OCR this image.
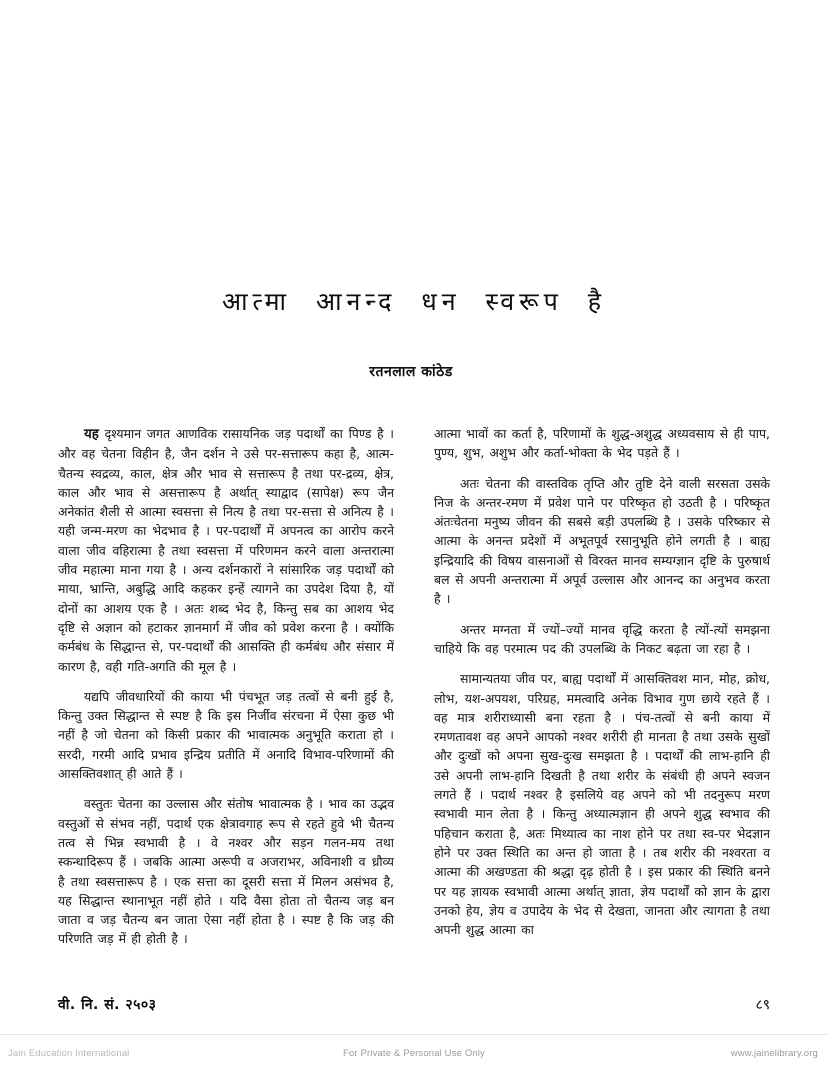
आत्मा आनन्द धन स्वरूप है
रतनलाल कांठेड

यह दृश्यमान जगत आणविक रासायनिक जड़ पदार्थों का पिण्ड है । और वह चेतना विहीन है, जैन दर्शन ने उसे पर-सत्तारूप कहा है, आत्म-चैतन्य स्वद्रव्य, काल, क्षेत्र और भाव से सत्तारूप है तथा पर-द्रव्य, क्षेत्र, काल और भाव से असत्तारूप है अर्थात् स्याद्वाद (सापेक्ष) रूप जैन अनेकांत शैली से आत्मा स्वसत्ता से नित्य है तथा पर-सत्ता से अनित्य है । यही जन्म-मरण का भेदभाव है । पर-पदार्थों में अपनत्व का आरोप करने वाला जीव वहिरात्मा है तथा स्वसत्ता में परिणमन करने वाला अन्तरात्मा जीव महात्मा माना गया है । अन्य दर्शनकारों ने सांसारिक जड़ पदार्थों को माया, भ्रान्ति, अबुद्धि आदि कहकर इन्हें त्यागने का उपदेश दिया है, यों दोनों का आशय एक है । अतः शब्द भेद है, किन्तु सब का आशय भेद दृष्टि से अज्ञान को हटाकर ज्ञानमार्ग में जीव को प्रवेश करना है । क्योंकि कर्मबंध के सिद्धान्त से, पर-पदार्थों की आसक्ति ही कर्मबंध और संसार में कारण है, वही गति-अगति की मूल है ।

यद्यपि जीवधारियों की काया भी पंचभूत जड़ तत्वों से बनी हुई है, किन्तु उक्त सिद्धान्त से स्पष्ट है कि इस निर्जीव संरचना में ऐसा कुछ भी नहीं है जो चेतना को किसी प्रकार की भावात्मक अनुभूति कराता हो । सरदी, गरमी आदि प्रभाव इन्द्रिय प्रतीति में अनादि विभाव-परिणामों की आसक्तिवशात् ही आते हैं ।

वस्तुतः चेतना का उल्लास और संतोष भावात्मक है । भाव का उद्भव वस्तुओं से संभव नहीं, पदार्थ एक क्षेत्रावगाह रूप से रहते हुवे भी चैतन्य तत्व से भिन्न स्वभावी है । वे नश्वर और सड़न गलन-मय तथा स्कन्धादिरूप हैं । जबकि आत्मा अरूपी व अजराभर, अविनाशी व ध्रौव्य है तथा स्वसत्तारूप है । एक सत्ता का दूसरी सत्ता में मिलन असंभव है, यह सिद्धान्त स्थानाभूत नहीं होते । यदि वैसा होता तो चैतन्य जड़ बन जाता व जड़ चैतन्य बन जाता ऐसा नहीं होता है । स्पष्ट है कि जड़ की परिणति जड़ में ही होती है ।

आत्मा भावों का कर्ता है, परिणामों के शुद्ध-अशुद्ध अध्यवसाय से ही पाप, पुण्य, शुभ, अशुभ और कर्ता-भोक्ता के भेद पड़ते हैं ।

अतः चेतना की वास्तविक तृप्ति और तुष्टि देने वाली सरसता उसके निज के अन्तर-रमण में प्रवेश पाने पर परिष्कृत हो उठती है । परिष्कृत अंतःचेतना मनुष्य जीवन की सबसे बड़ी उपलब्धि है । उसके परिष्कार से आत्मा के अनन्त प्रदेशों में अभूतपूर्व रसानुभूति होने लगती है । बाह्य इन्द्रियादि की विषय वासनाओं से विरक्त मानव सम्यग्ज्ञान दृष्टि के पुरुषार्थ बल से अपनी अन्तरात्मा में अपूर्व उल्लास और आनन्द का अनुभव करता है ।

अन्तर मग्नता में ज्यों–ज्यों मानव वृद्धि करता है त्यों-त्यों समझना चाहिये कि वह परमात्म पद की उपलब्धि के निकट बढ़ता जा रहा है ।

सामान्यतया जीव पर, बाह्य पदार्थों में आसक्तिवश मान, मोह, क्रोध, लोभ, यश-अपयश, परिग्रह, ममत्वादि अनेक विभाव गुण छाये रहते हैं । वह मात्र शरीराध्यासी बना रहता है । पंच-तत्वों से बनी काया में रमणतावश वह अपने आपको नश्वर शरीरी ही मानता है तथा उसके सुखों और दुःखों को अपना सुख-दुःख समझता है । पदार्थों की लाभ-हानि ही उसे अपनी लाभ-हानि दिखती है तथा शरीर के संबंधी ही अपने स्वजन लगते हैं । पदार्थ नश्वर है इसलिये वह अपने को भी तदनुरूप मरण स्वभावी मान लेता है । किन्तु अध्यात्मज्ञान ही अपने शुद्ध स्वभाव की पहिचान कराता है, अतः मिथ्यात्व का नाश होने पर तथा स्व-पर भेदज्ञान होने पर उक्त स्थिति का अन्त हो जाता है । तब शरीर की नश्वरता व आत्मा की अखण्डता की श्रद्धा दृढ़ होती है । इस प्रकार की स्थिति बनने पर यह ज्ञायक स्वभावी आत्मा अर्थात् ज्ञाता, ज्ञेय पदार्थों को ज्ञान के द्वारा उनको हेय, ज्ञेय व उपादेय के भेद से देखता, जानता और त्यागता है तथा अपनी शुद्ध आत्मा का

वी. नि. सं. २५०३	८९
Jain Education International	For Private & Personal Use Only	www.jainelibrary.org
